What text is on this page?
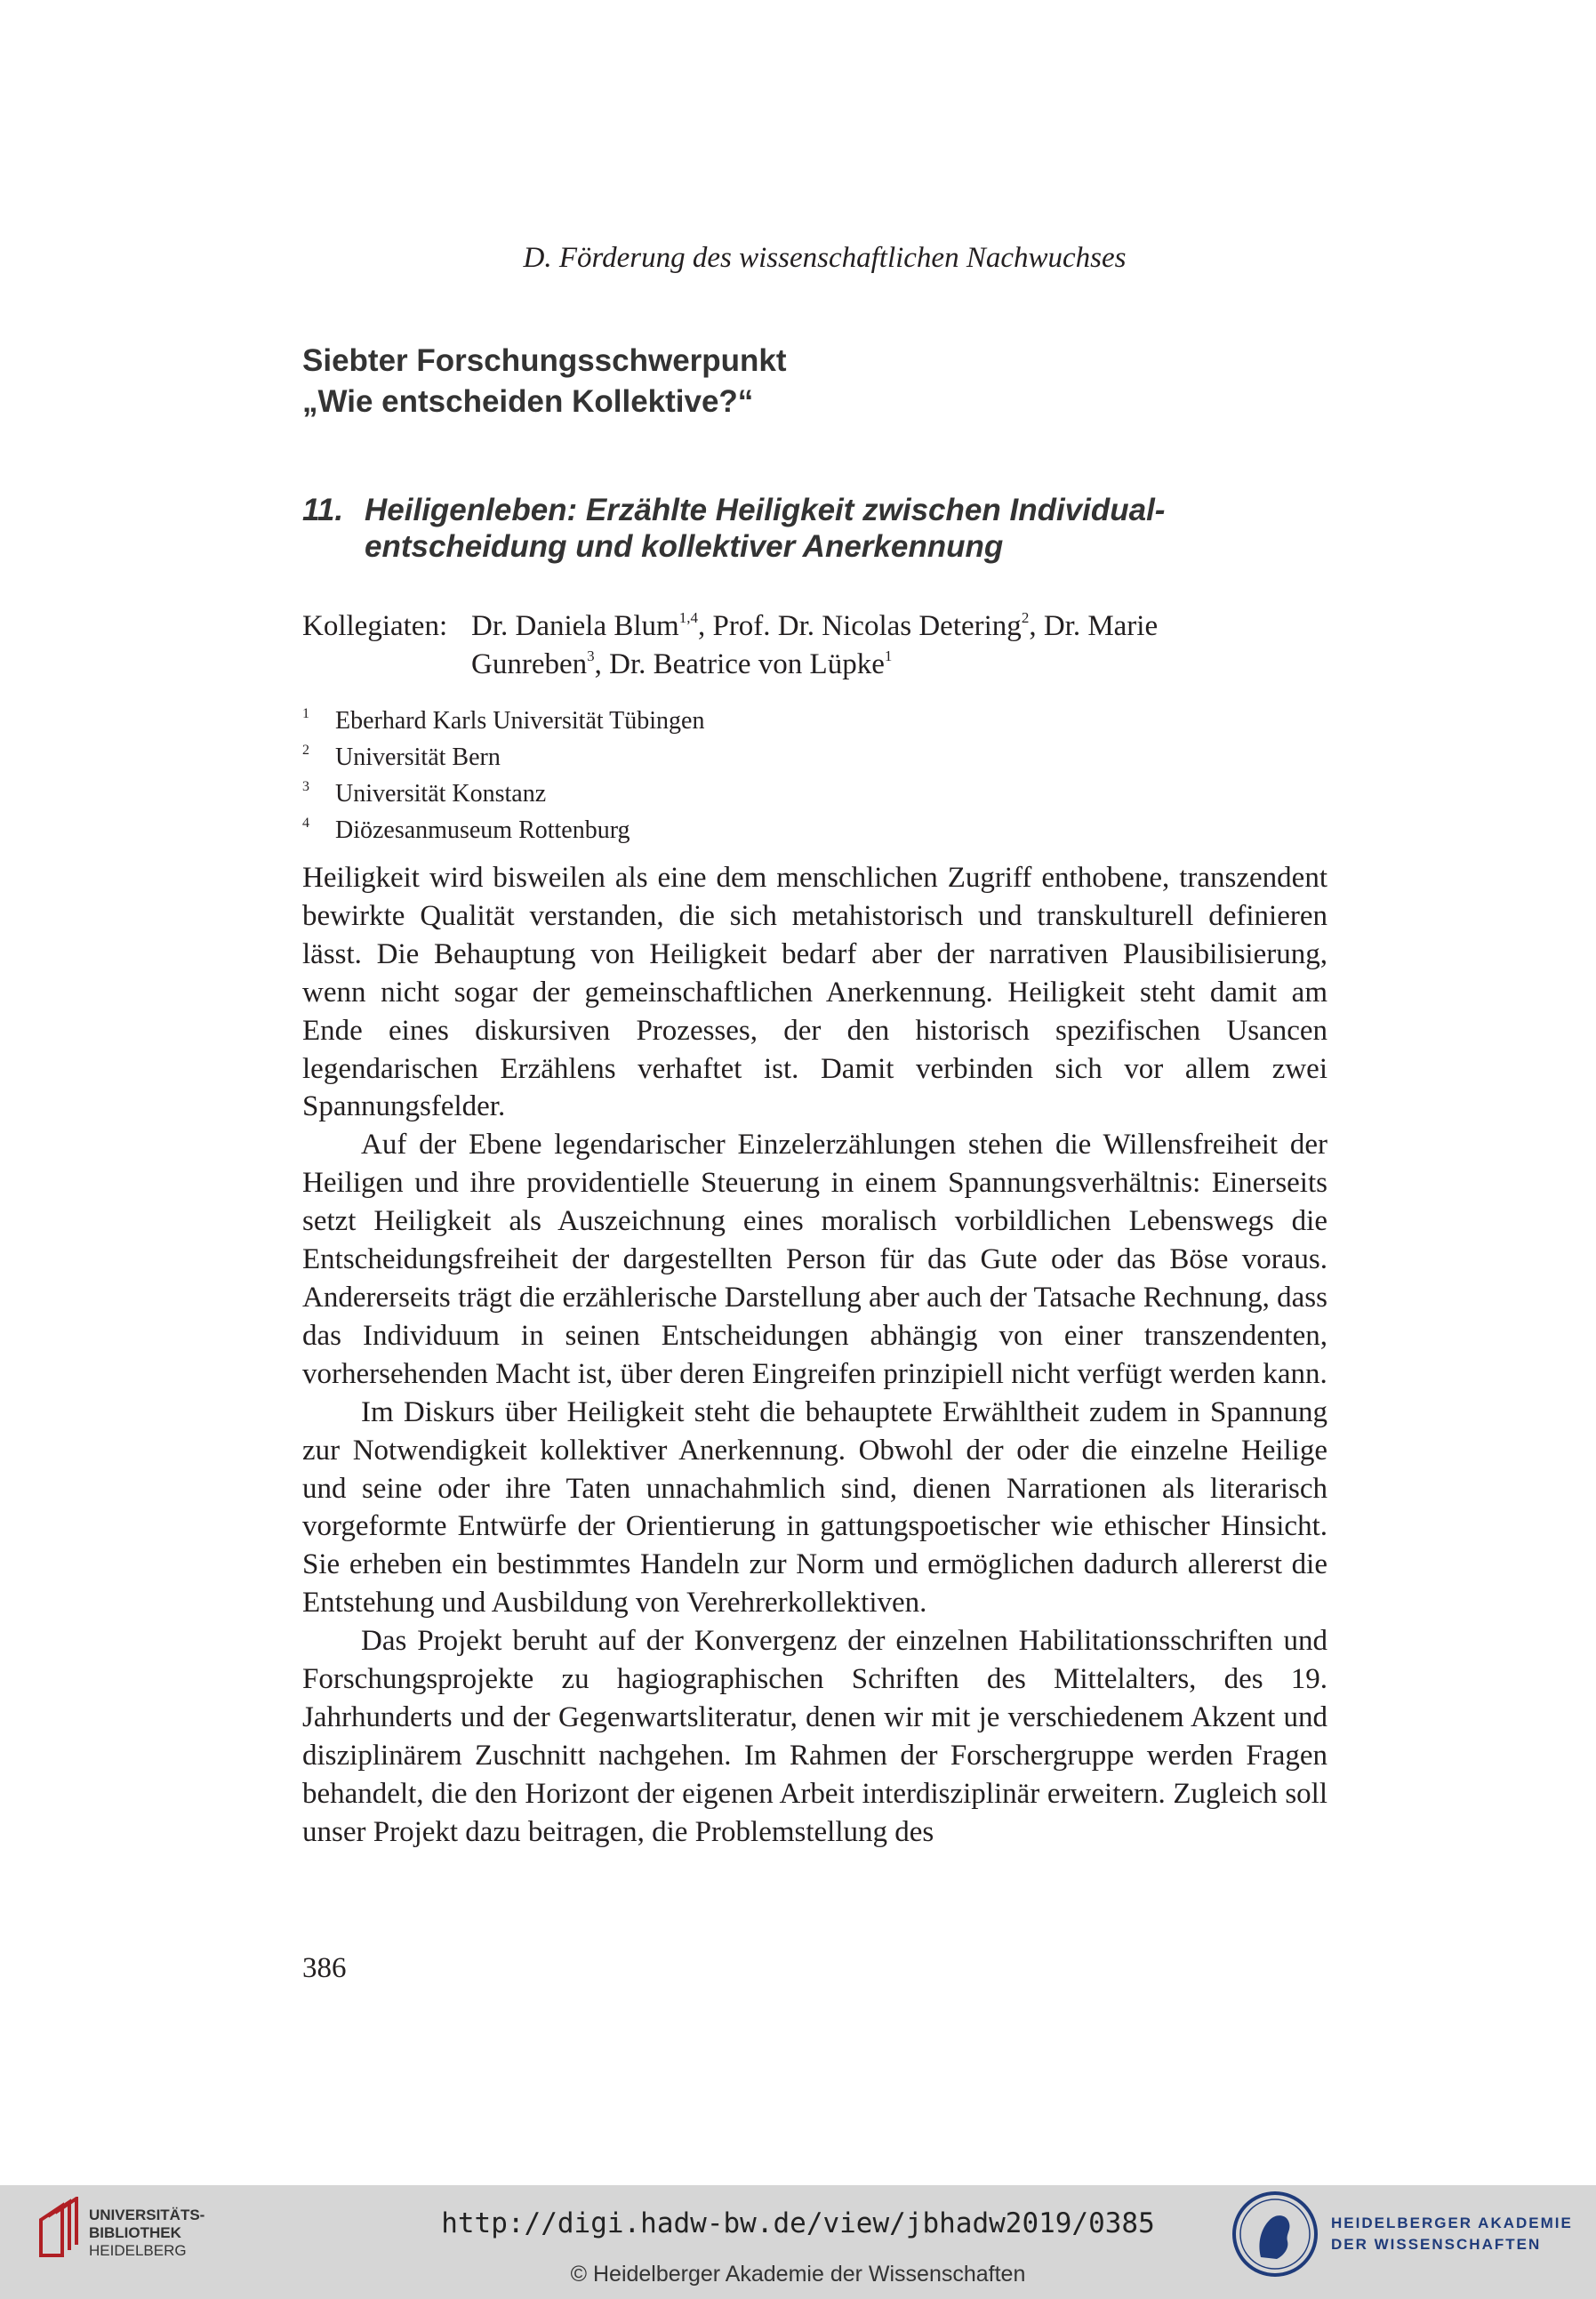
D. Förderung des wissenschaftlichen Nachwuchses
Siebter Forschungsschwerpunkt
„Wie entscheiden Kollektive?“
11. Heiligenleben: Erzählte Heiligkeit zwischen Individual-
entscheidung und kollektiver Anerkennung
Kollegiaten: Dr. Daniela Blum$^{1,4}$, Prof. Dr. Nicolas Detering$^2$, Dr. Marie
Gunreben$^3$, Dr. Beatrice von Lüpke$^1$
1 Eberhard Karls Universität Tübingen
2 Universität Bern
3 Universität Konstanz
4 Diözesanmuseum Rottenburg

Heiligkeit wird bisweilen als eine dem menschlichen Zugriff enthobene, transzendent bewirkte Qualität verstanden, die sich metahistorisch und transkulturell definieren lässt. Die Behauptung von Heiligkeit bedarf aber der narrativen Plausibilisierung, wenn nicht sogar der gemeinschaftlichen Anerkennung. Heiligkeit steht damit am Ende eines diskursiven Prozesses, der den historisch spezifischen Usancen legendarischen Erzählens verhaftet ist. Damit verbinden sich vor allem zwei Spannungsfelder.

Auf der Ebene legendarischer Einzelerzählungen stehen die Willensfreiheit der Heiligen und ihre providentielle Steuerung in einem Spannungsverhältnis: Einerseits setzt Heiligkeit als Auszeichnung eines moralisch vorbildlichen Lebenswegs die Entscheidungsfreiheit der dargestellten Person für das Gute oder das Böse voraus. Andererseits trägt die erzählerische Darstellung aber auch der Tatsache Rechnung, dass das Individuum in seinen Entscheidungen abhängig von einer transzendenten, vorhersehenden Macht ist, über deren Eingreifen prinzipiell nicht verfügt werden kann.

Im Diskurs über Heiligkeit steht die behauptete Erwähltheit zudem in Spannung zur Notwendigkeit kollektiver Anerkennung. Obwohl der oder die einzelne Heilige und seine oder ihre Taten unnachahmlich sind, dienen Narrationen als literarisch vorgeformte Entwürfe der Orientierung in gattungspoetischer wie ethischer Hinsicht. Sie erheben ein bestimmtes Handeln zur Norm und ermöglichen dadurch allererst die Entstehung und Ausbildung von Verehrerkollektiven.

Das Projekt beruht auf der Konvergenz der einzelnen Habilitationsschriften und Forschungsprojekte zu hagiographischen Schriften des Mittelalters, des 19. Jahrhunderts und der Gegenwartsliteratur, denen wir mit je verschiedenem Akzent und disziplinärem Zuschnitt nachgehen. Im Rahmen der Forschergruppe werden Fragen behandelt, die den Horizont der eigenen Arbeit interdisziplinär erweitern. Zugleich soll unser Projekt dazu beitragen, die Problemstellung des

386
UNIVERSITÄTS-
BIBLIOTHEK
HEIDELBERG
http://digi.hadw-bw.de/view/jbhadw2019/0385
© Heidelberger Akademie der Wissenschaften
HEIDELBERGER AKADEMIE
DER WISSENSCHAFTEN
